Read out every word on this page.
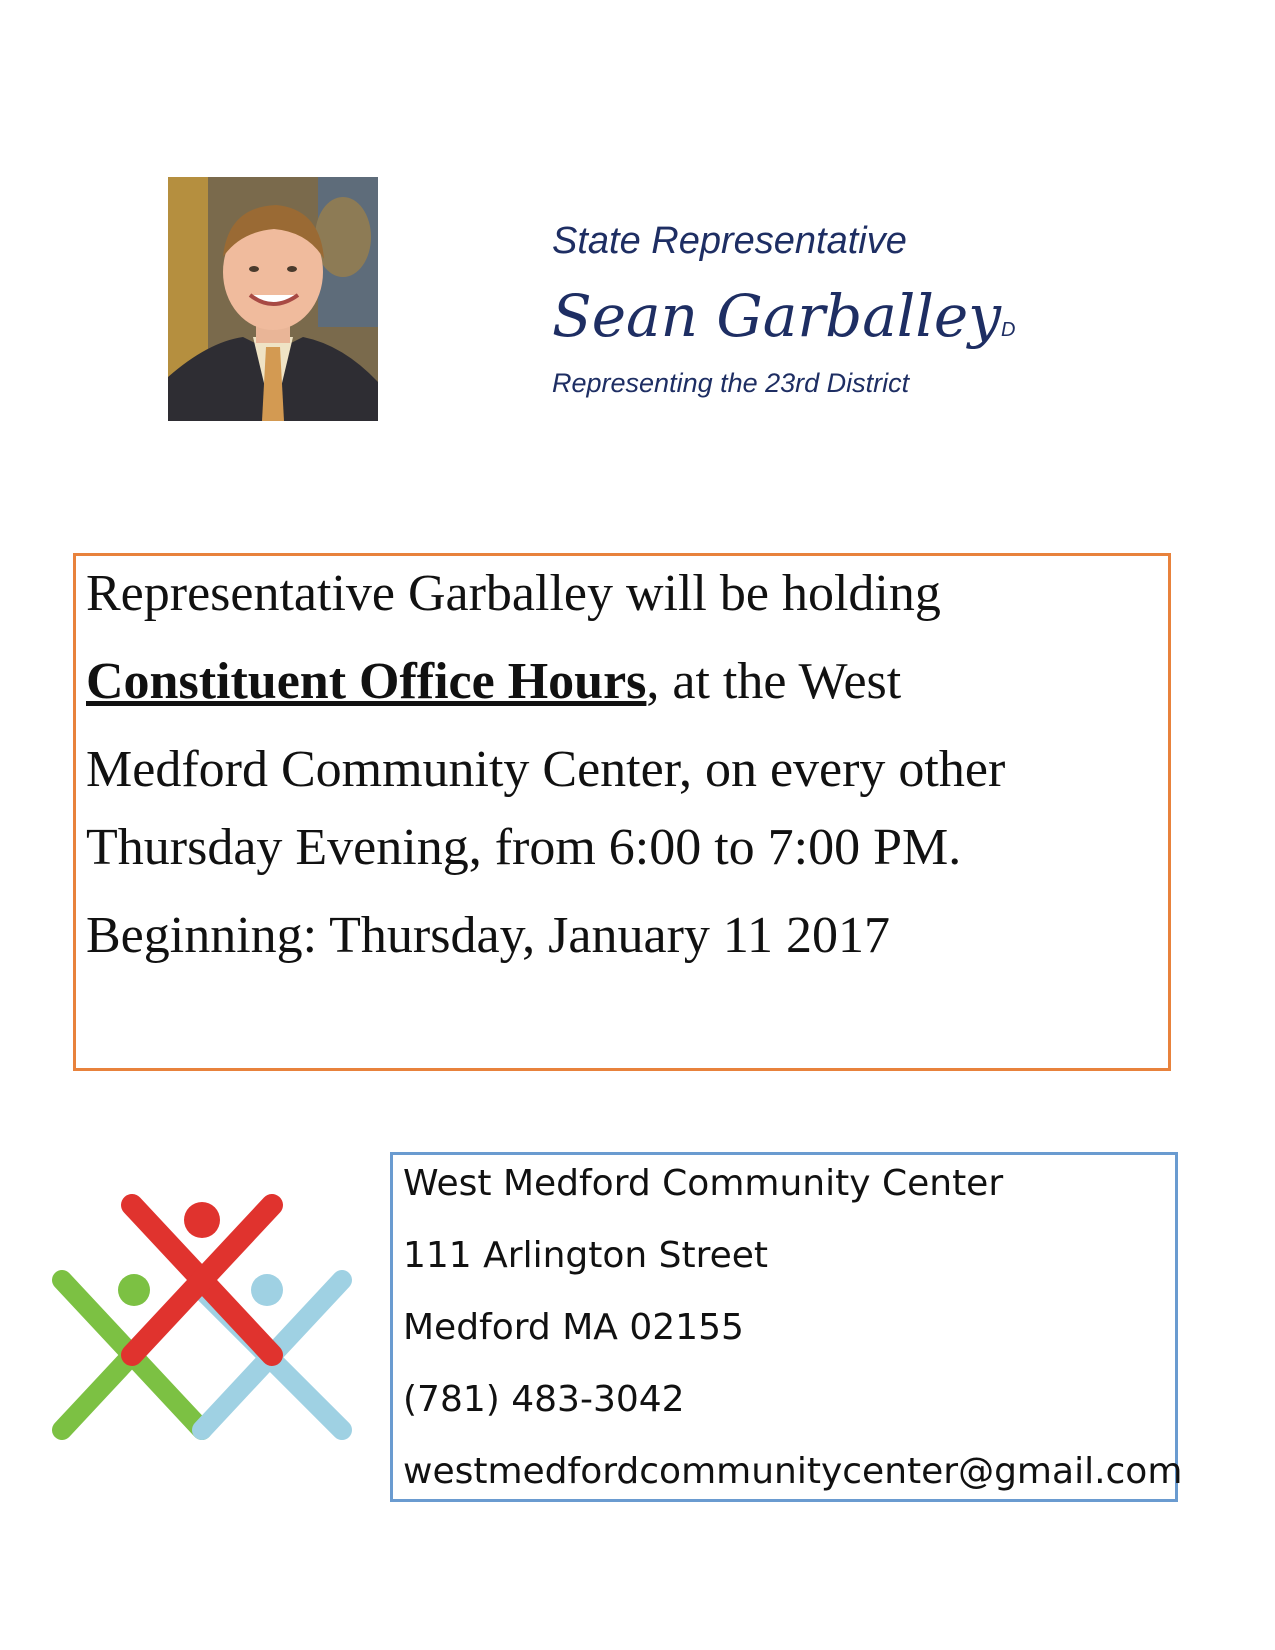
State Representative
Sean GarballeyD
Representing the 23rd District
Representative Garballey will be holding
Constituent Office Hours, at the West
Medford Community Center, on every other
Thursday Evening, from 6:00 to 7:00 PM.
Beginning: Thursday, January 11 2017
West Medford Community Center
111 Arlington Street
Medford MA 02155
(781) 483-3042
westmedfordcommunitycenter@gmail.com
